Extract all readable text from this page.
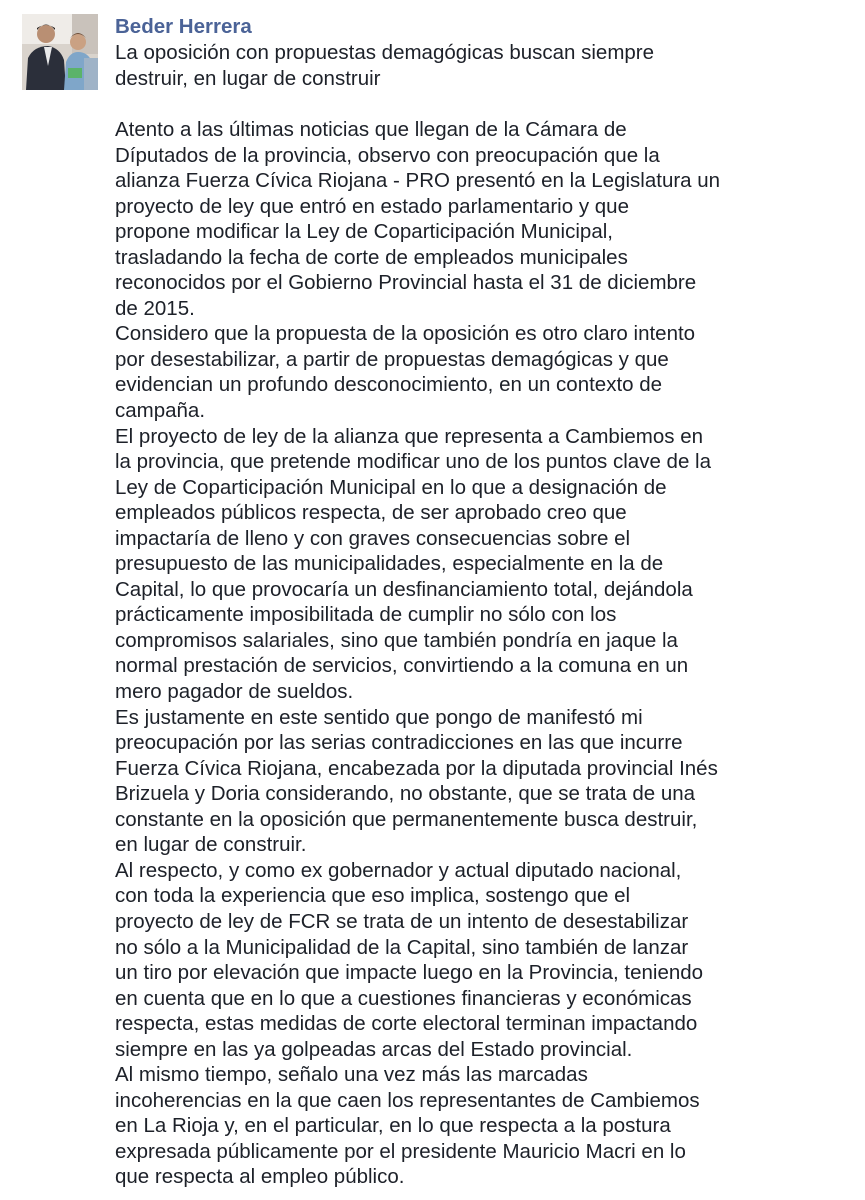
Beder Herrera
La oposición con propuestas demagógicas buscan siempre
destruir, en lugar de construir
Atento a las últimas noticias que llegan de la Cámara de
Díputados de la provincia, observo con preocupación que la
alianza Fuerza Cívica Riojana - PRO presentó en la Legislatura un
proyecto de ley que entró en estado parlamentario y que
propone modificar la Ley de Coparticipación Municipal,
trasladando la fecha de corte de empleados municipales
reconocidos por el Gobierno Provincial hasta el 31 de diciembre
de 2015.
Considero que la propuesta de la oposición es otro claro intento
por desestabilizar, a partir de propuestas demagógicas y que
evidencian un profundo desconocimiento, en un contexto de
campaña.
El proyecto de ley de la alianza que representa a Cambiemos en
la provincia, que pretende modificar uno de los puntos clave de la
Ley de Coparticipación Municipal en lo que a designación de
empleados públicos respecta, de ser aprobado creo que
impactaría de lleno y con graves consecuencias sobre el
presupuesto de las municipalidades, especialmente en la de
Capital, lo que provocaría un desfinanciamiento total, dejándola
prácticamente imposibilitada de cumplir no sólo con los
compromisos salariales, sino que también pondría en jaque la
normal prestación de servicios, convirtiendo a la comuna en un
mero pagador de sueldos.
Es justamente en este sentido que pongo de manifestó mi
preocupación por las serias contradicciones en las que incurre
Fuerza Cívica Riojana, encabezada por la diputada provincial Inés
Brizuela y Doria considerando, no obstante, que se trata de una
constante en la oposición que permanentemente busca destruir,
en lugar de construir.
Al respecto, y como ex gobernador y actual diputado nacional,
con toda la experiencia que eso implica, sostengo que el
proyecto de ley de FCR se trata de un intento de desestabilizar
no sólo a la Municipalidad de la Capital, sino también de lanzar
un tiro por elevación que impacte luego en la Provincia, teniendo
en cuenta que en lo que a cuestiones financieras y económicas
respecta, estas medidas de corte electoral terminan impactando
siempre en las ya golpeadas arcas del Estado provincial.
Al mismo tiempo, señalo una vez más las marcadas
incoherencias en la que caen los representantes de Cambiemos
en La Rioja y, en el particular, en lo que respecta a la postura
expresada públicamente por el presidente Mauricio Macri en lo
que respecta al empleo público.
